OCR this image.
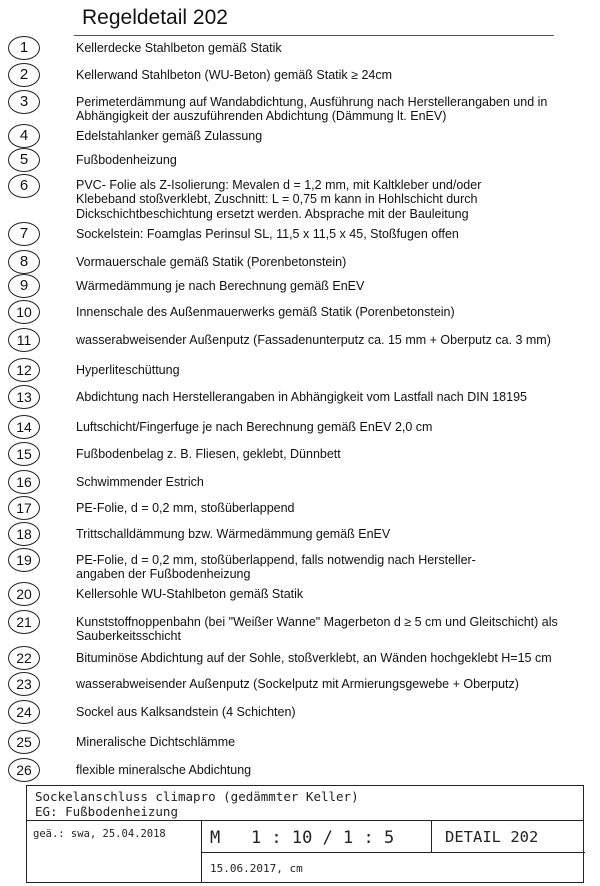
Regeldetail 202
1	Kellerdecke Stahlbeton gemäß Statik
2	Kellerwand Stahlbeton (WU-Beton) gemäß Statik ≥ 24cm
3	Perimeterdämmung auf Wandabdichtung, Ausführung nach Herstellerangaben und in
Abhängigkeit der auszuführenden Abdichtung (Dämmung lt. EnEV)
4	Edelstahlanker gemäß Zulassung
5	Fußbodenheizung
6	PVC- Folie als Z-Isolierung: Mevalen d = 1,2 mm, mit Kaltkleber und/oder
Klebeband stoßverklebt, Zuschnitt: L = 0,75 m kann in Hohlschicht durch
Dickschichtbeschichtung ersetzt werden. Absprache mit der Bauleitung
7	Sockelstein: Foamglas Perinsul SL, 11,5 x 11,5 x 45, Stoßfugen offen
8	Vormauerschale gemäß Statik (Porenbetonstein)
9	Wärmedämmung je nach Berechnung gemäß EnEV
10	Innenschale des Außenmauerwerks gemäß Statik (Porenbetonstein)
11	wasserabweisender Außenputz (Fassadenunterputz ca. 15 mm + Oberputz ca. 3 mm)
12	Hyperliteschüttung
13	Abdichtung nach Herstellerangaben in Abhängigkeit vom Lastfall nach DIN 18195
14	Luftschicht/Fingerfuge je nach Berechnung gemäß EnEV 2,0 cm
15	Fußbodenbelag z. B. Fliesen, geklebt, Dünnbett
16	Schwimmender Estrich
17	PE-Folie, d = 0,2 mm, stoßüberlappend
18	Trittschalldämmung bzw. Wärmedämmung gemäß EnEV
19	PE-Folie, d = 0,2 mm, stoßüberlappend, falls notwendig nach Hersteller-
angaben der Fußbodenheizung
20	Kellersohle WU-Stahlbeton gemäß Statik
21	Kunststoffnoppenbahn (bei "Weißer Wanne" Magerbeton d ≥ 5 cm und Gleitschicht) als
Sauberkeitsschicht
22	Bituminöse Abdichtung auf der Sohle, stoßverklebt, an Wänden hochgeklebt H=15 cm
23	wasserabweisender Außenputz (Sockelputz mit Armierungsgewebe + Oberputz)
24	Sockel aus Kalksandstein (4 Schichten)
25	Mineralische Dichtschlämme
26	flexible mineralsche Abdichtung
Sockelanschluss climapro (gedämmter Keller)
EG: Fußbodenheizung
geä.: swa, 25.04.2018	M   1 : 10 / 1 : 5	DETAIL 202
15.06.2017, cm
